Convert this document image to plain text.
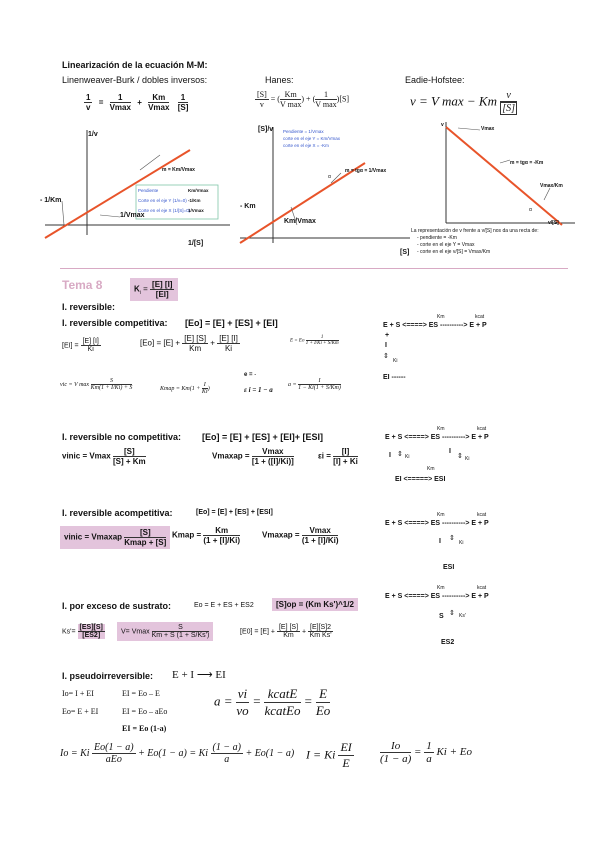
Linearización de la ecuación M-M:
Linenweaver-Burk / dobles inversos:	Hanes:	Eadie-Hofstee:
$\frac{1}{v} = \frac{1}{Vmax} + \frac{Km}{Vmax}$
$\frac{1}{[S]}$
1/v
1/[S]
m = Km/Vmax
- 1/Km
1/Vmax
Pendiente	Km/Vmax
Corte en el eje Y (1/v=0) -1/Km
Corte en el eje X (1/[S]=0)
1/Vmax
$\frac{[S]}{v}$ = ( $\frac{Km}{\text{V max}}$ ) + ( $\frac{1}{\text{V max}} )[S]$
[S]/v
[S]
Pendiente = 1/Vmax
corte en el eje Y = Km/Vmax
corte en el eje X = -Km
m = tgα = 1/Vmax
α
- Km
Km/Vmax
v = V max − Km $\frac{v}{[S]}$
v
Vmax
m = tgα = -Km
α
Vmax/Km
v/[S]
La representación de v frente a v/[S] nos da una recta de:
- pendiente = -Km
- corte en el eje Y = Vmax
- corte en el eje v/[S] = Vmax/Km
Tema 8	$K_i = \frac{[E] [I]}{[EI]}$
I. reversible:
I. reversible competitiva: [Eo] = [E] + [ES] + [EI]	E + S <====> ES ----------> E + P
Km	kcat
+
I
⇕
Ki
EI ------
$[EI] = \frac{[E] [I]}{Ki}$	$[Eo] = [E] + \frac{[E] [S]}{Km} + \frac{[E] [I]}{Ki}$	E = Eo $\frac{1}{1 + I/Ki + S/Km}$
vic = V $\max \frac{S}{Km(1 + I/Ki) + S}$	Kmap = $Km(1 + \frac{I}{Ki}$ )
e = -
ε i = 1 − a
$a = \frac{I}{1 - Ki(1 + S/Km)}$
I. reversible no competitiva: [Eo] = [E] + [ES] + [EI]+ [ESI]
vinic = Vmax $\frac{[S]}{[S] + Km}$	Vmaxap = $\frac{Vmax}{[1 + ([I]/Ki)]}$	$\varepsilon i = \frac{[I]}{[I] + Ki}$
E + S <====> ES ----------> E + P
Km	kcat
I ⇕ Ki
I
⇕ Ki
Km
EI <=====> ESI
I. reversible acompetitiva:	[Eo] = [E] + [ES] + [ESI]
vinic = Vmaxap $\frac{[S]}{\text{Kmap + [S]}}$ Kmap = $\frac{Km}{(1 + [I]/Ki)}$	Vmaxap = $\frac{Vmax}{(1 + [I]/Ki)}$
E + S <====> ES ----------> E + P
Km	kcat
I ⇕
Ki
ESI
I. por exceso de sustrato:	Eo = E + ES + ES2	[S]op = (Km Ks')^1/2
$Ks'= \frac{[ES][S]}{[ES2]}$	V= Vmax $\frac{S}{Km + S (1 + S/Ks')}$	$[E0] = [E] + \frac{[E] [S]}{Km} + \frac{[E][S]2}{\text{Km Ks'}}$
E + S <====> ES ----------> E + P
Km	kcat
S ⇕ Ks'
ES2
I. pseudoirreversible: E + I ⟶ EI
Io= I + EI	EI = Eo – E
Eo= E + EI	EI = Eo – aEo
EI = Eo (1-a)
$a = \frac{vi}{vo} = \frac{\text{kcatE}}{\text{kcatEo}} = \frac{E}{Eo}$
Io = Ki $\frac{Eo(1 - a)}{\text{aEo}} + Eo(1 - a) = Ki \frac{(1 - a)}{a} + Eo(1 - a) I = Ki \frac{EI}{E} \frac{Io}{(1 - a)} = \frac{1}{a}$ Ki + Eo
